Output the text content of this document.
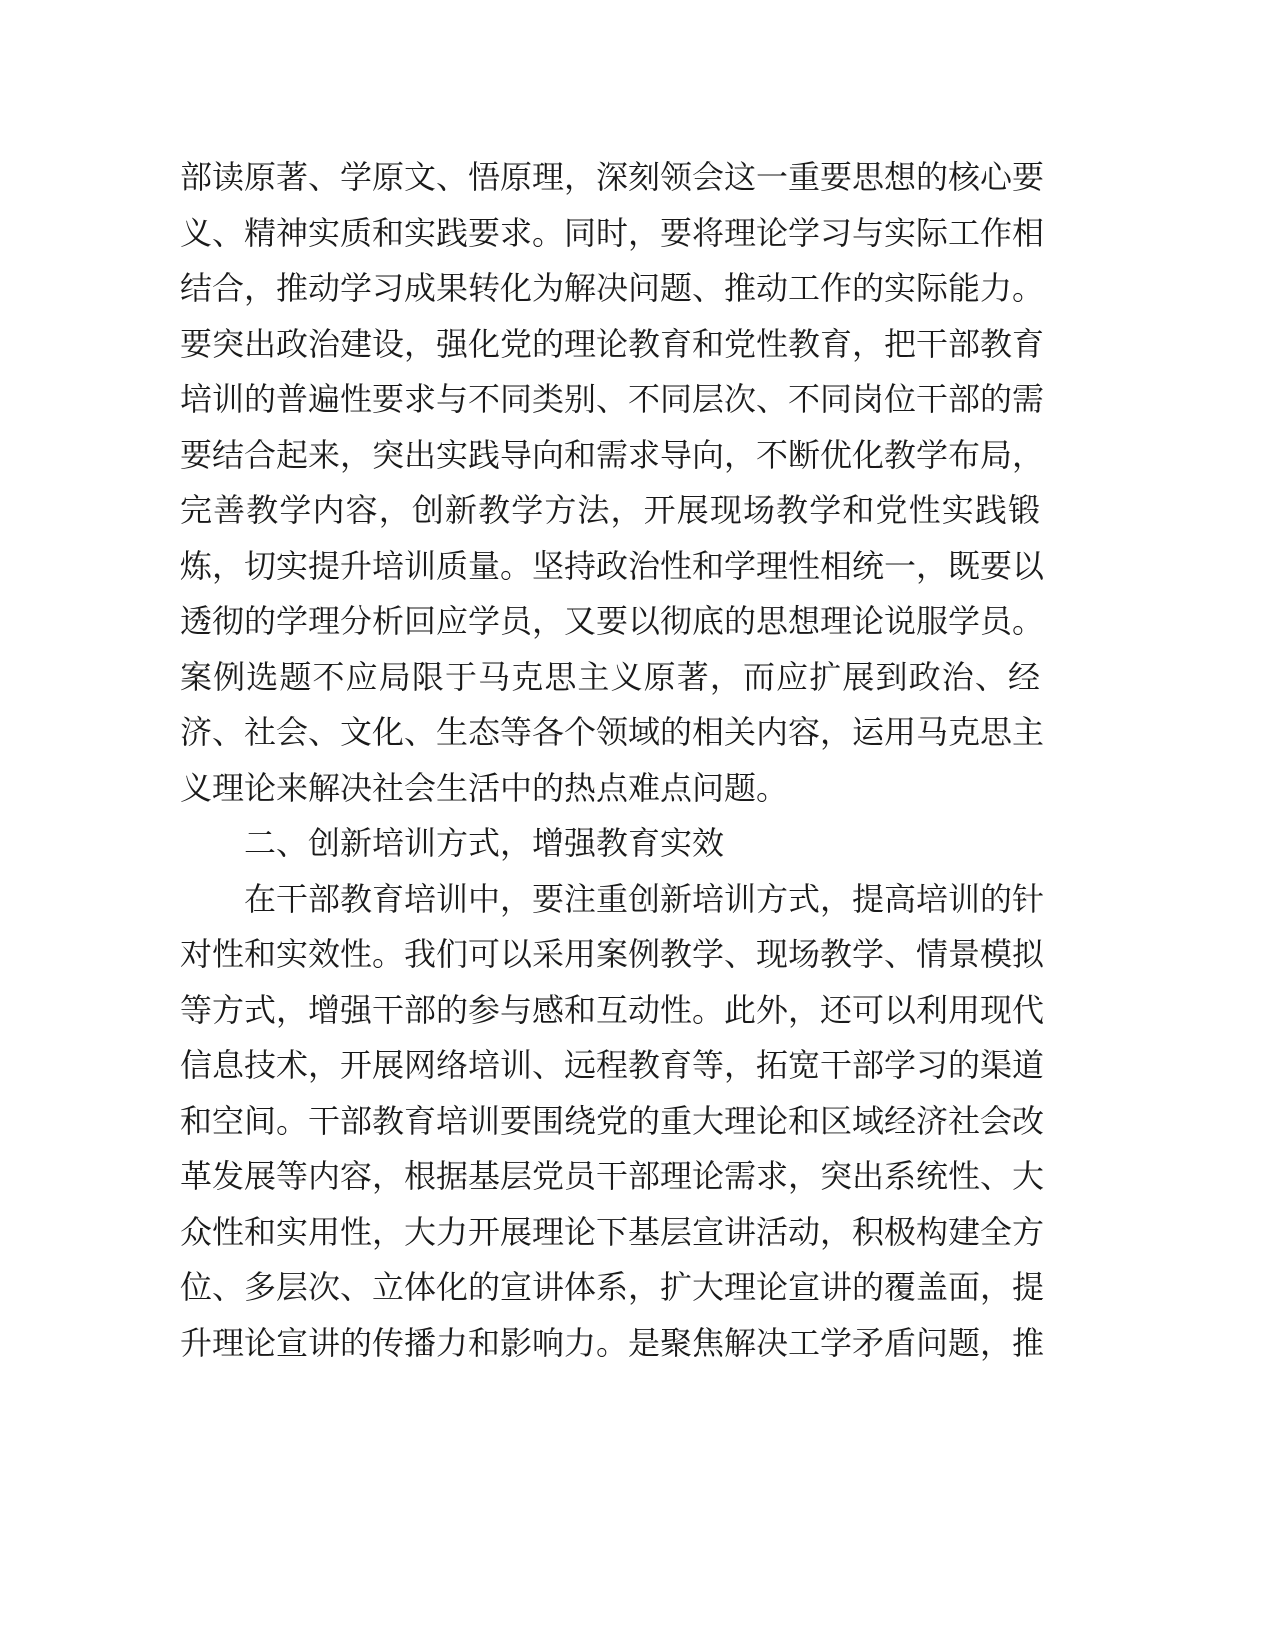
部读原著、学原文、悟原理，深刻领会这一重要思想的核心要
义、精神实质和实践要求。同时，要将理论学习与实际工作相
结合，推动学习成果转化为解决问题、推动工作的实际能力。
要突出政治建设，强化党的理论教育和党性教育，把干部教育
培训的普遍性要求与不同类别、不同层次、不同岗位干部的需
要结合起来，突出实践导向和需求导向，不断优化教学布局，
完善教学内容，创新教学方法，开展现场教学和党性实践锻
炼，切实提升培训质量。坚持政治性和学理性相统一，既要以
透彻的学理分析回应学员，又要以彻底的思想理论说服学员。
案例选题不应局限于马克思主义原著，而应扩展到政治、经
济、社会、文化、生态等各个领域的相关内容，运用马克思主
义理论来解决社会生活中的热点难点问题。

二、创新培训方式，增强教育实效

在干部教育培训中，要注重创新培训方式，提高培训的针
对性和实效性。我们可以采用案例教学、现场教学、情景模拟
等方式，增强干部的参与感和互动性。此外，还可以利用现代
信息技术，开展网络培训、远程教育等，拓宽干部学习的渠道
和空间。干部教育培训要围绕党的重大理论和区域经济社会改
革发展等内容，根据基层党员干部理论需求，突出系统性、大
众性和实用性，大力开展理论下基层宣讲活动，积极构建全方
位、多层次、立体化的宣讲体系，扩大理论宣讲的覆盖面，提
升理论宣讲的传播力和影响力。是聚焦解决工学矛盾问题，推
